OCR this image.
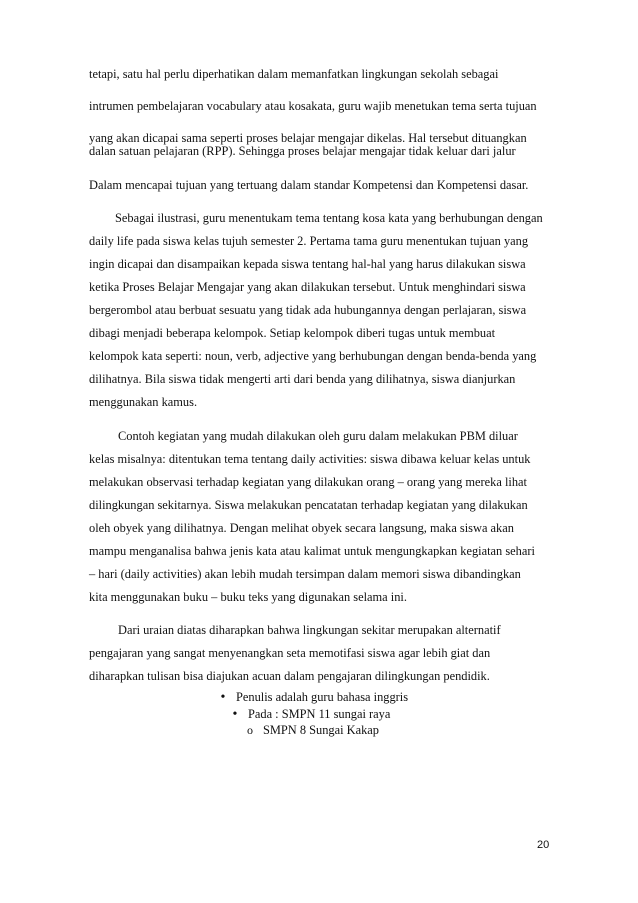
tetapi, satu hal perlu diperhatikan dalam memanfatkan lingkungan sekolah sebagai
intrumen pembelajaran vocabulary atau kosakata, guru wajib menetukan tema serta tujuan
yang akan dicapai sama seperti proses belajar mengajar dikelas. Hal tersebut dituangkan
dalan satuan pelajaran (RPP). Sehingga proses belajar mengajar tidak keluar dari jalur
Dalam mencapai tujuan yang tertuang dalam standar Kompetensi dan Kompetensi dasar.
Sebagai ilustrasi, guru menentukam tema tentang kosa kata yang berhubungan dengan
daily life pada siswa kelas tujuh semester 2. Pertama tama guru menentukan tujuan yang
ingin dicapai dan disampaikan kepada siswa tentang hal-hal yang harus dilakukan siswa
ketika Proses Belajar Mengajar yang akan dilakukan tersebut. Untuk menghindari siswa
bergerombol atau berbuat sesuatu yang tidak ada hubungannya dengan perlajaran, siswa
dibagi menjadi beberapa kelompok. Setiap kelompok diberi tugas untuk membuat
kelompok kata seperti: noun, verb, adjective yang berhubungan dengan benda-benda yang
dilihatnya. Bila siswa tidak mengerti arti dari benda yang dilihatnya, siswa dianjurkan
menggunakan kamus.
Contoh kegiatan yang mudah dilakukan oleh guru dalam melakukan PBM diluar
kelas misalnya: ditentukan tema tentang daily activities: siswa dibawa keluar kelas untuk
melakukan observasi terhadap kegiatan yang dilakukan orang – orang yang mereka lihat
dilingkungan sekitarnya. Siswa melakukan pencatatan terhadap kegiatan yang dilakukan
oleh obyek yang dilihatnya. Dengan melihat obyek secara langsung, maka siswa akan
mampu menganalisa bahwa jenis kata atau kalimat untuk mengungkapkan kegiatan sehari
– hari (daily activities) akan lebih mudah tersimpan dalam memori siswa dibandingkan
kita menggunakan buku – buku teks yang digunakan selama ini.
Dari uraian diatas diharapkan bahwa lingkungan sekitar merupakan alternatif
pengajaran yang sangat menyenangkan seta memotifasi siswa agar lebih giat dan
diharapkan tulisan bisa diajukan acuan dalam pengajaran dilingkungan pendidik.
• Penulis adalah guru bahasa inggris
• Pada : SMPN 11 sungai raya
o SMPN 8 Sungai Kakap
20
